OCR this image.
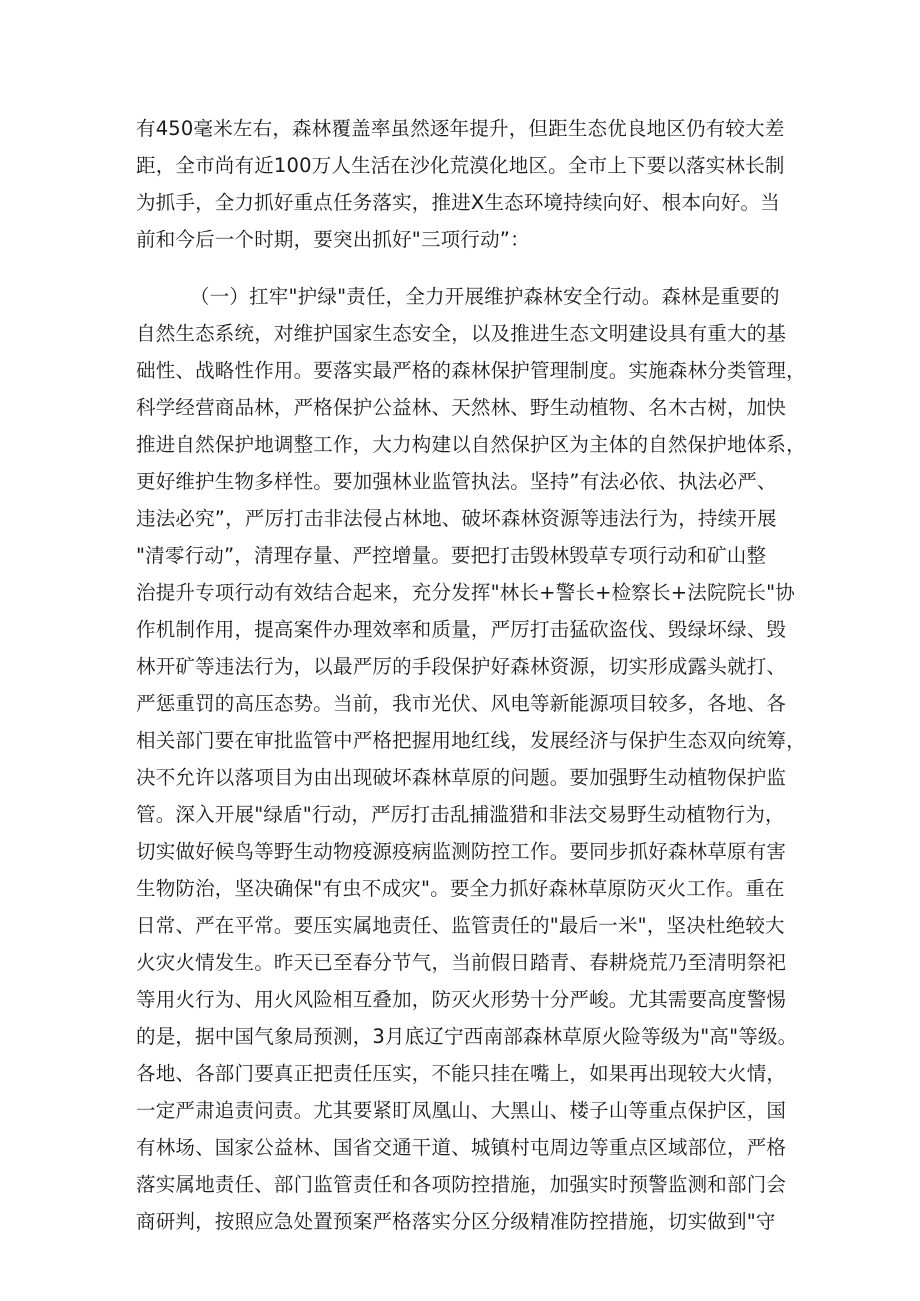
有450毫米左右，森林覆盖率虽然逐年提升，但距生态优良地区仍有较大差
距，全市尚有近100万人生活在沙化荒漠化地区。全市上下要以落实林长制
为抓手，全力抓好重点任务落实，推进X生态环境持续向好、根本向好。当
前和今后一个时期，要突出抓好"三项行动”：
（一）扛牢"护绿"责任，全力开展维护森林安全行动。森林是重要的
自然生态系统，对维护国家生态安全，以及推进生态文明建设具有重大的基
础性、战略性作用。要落实最严格的森林保护管理制度。实施森林分类管理，
科学经营商品林，严格保护公益林、天然林、野生动植物、名木古树，加快
推进自然保护地调整工作，大力构建以自然保护区为主体的自然保护地体系，
更好维护生物多样性。要加强林业监管执法。坚持”有法必依、执法必严、
违法必究”，严厉打击非法侵占林地、破坏森林资源等违法行为，持续开展
"清零行动”，清理存量、严控增量。要把打击毁林毁草专项行动和矿山整
治提升专项行动有效结合起来，充分发挥"林长+警长+检察长+法院院长"协
作机制作用，提高案件办理效率和质量，严厉打击猛砍盗伐、毁绿坏绿、毁
林开矿等违法行为，以最严厉的手段保护好森林资源，切实形成露头就打、
严惩重罚的高压态势。当前，我市光伏、风电等新能源项目较多，各地、各
相关部门要在审批监管中严格把握用地红线，发展经济与保护生态双向统筹，
决不允许以落项目为由出现破坏森林草原的问题。要加强野生动植物保护监
管。深入开展"绿盾"行动，严厉打击乱捕滥猎和非法交易野生动植物行为，
切实做好候鸟等野生动物疫源疫病监测防控工作。要同步抓好森林草原有害
生物防治，坚决确保"有虫不成灾"。要全力抓好森林草原防灭火工作。重在
日常、严在平常。要压实属地责任、监管责任的"最后一米"，坚决杜绝较大
火灾火情发生。昨天已至春分节气，当前假日踏青、春耕烧荒乃至清明祭祀
等用火行为、用火风险相互叠加，防灭火形势十分严峻。尤其需要高度警惕
的是，据中国气象局预测，3月底辽宁西南部森林草原火险等级为"高"等级。
各地、各部门要真正把责任压实，不能只挂在嘴上，如果再出现较大火情，
一定严肃追责问责。尤其要紧盯凤凰山、大黑山、楼子山等重点保护区，国
有林场、国家公益林、国省交通干道、城镇村屯周边等重点区域部位，严格
落实属地责任、部门监管责任和各项防控措施，加强实时预警监测和部门会
商研判，按照应急处置预案严格落实分区分级精准防控措施，切实做到"守
